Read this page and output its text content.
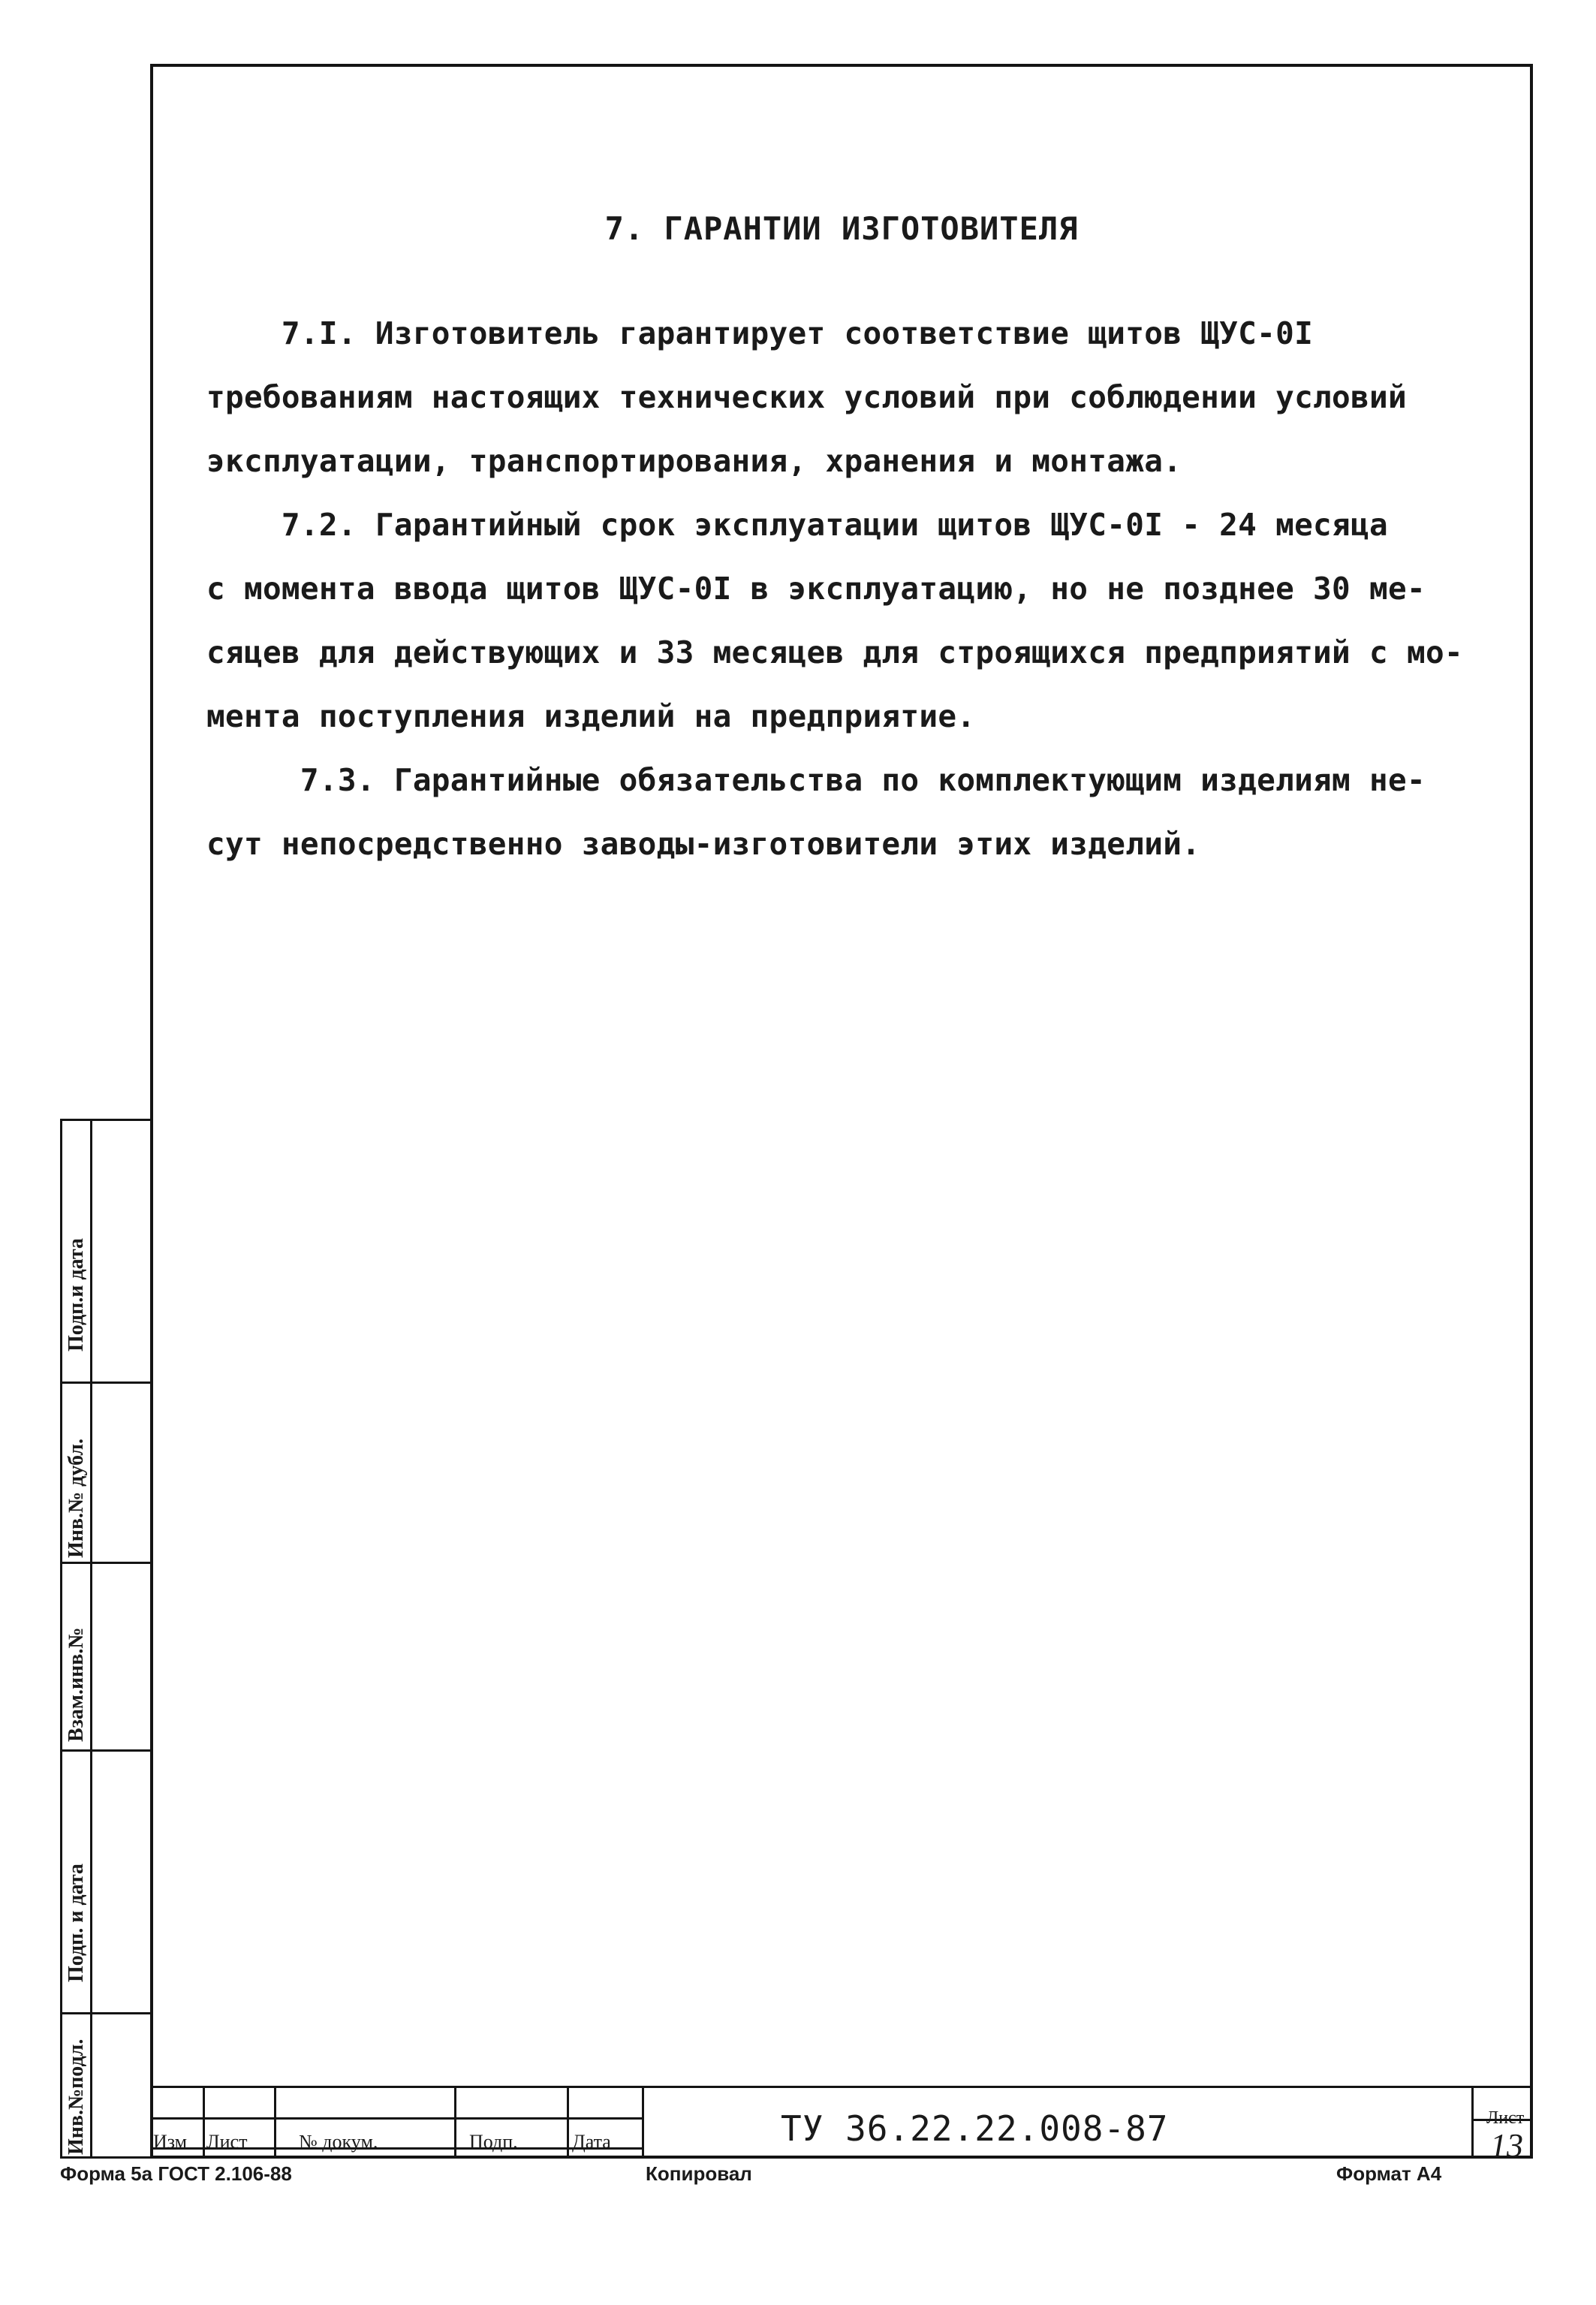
7. ГАРАНТИИ ИЗГОТОВИТЕЛЯ
7.I. Изготовитель гарантирует соответствие щитов ЩУС-0I
требованиям настоящих технических условий при соблюдении условий
эксплуатации, транспортирования, хранения и монтажа.
7.2. Гарантийный срок эксплуатации щитов ЩУС-0I - 24 месяца
с момента ввода щитов ЩУС-0I в эксплуатацию, но не позднее 30 ме-
сяцев для действующих и 33 месяцев для строящихся предприятий с мо-
мента поступления изделий на предприятие.
7.3. Гарантийные обязательства по комплектующим изделиям не-
сут непосредственно заводы-изготовители этих изделий.
Подп.и дата
Инв.№ дубл.
Взам.инв.№
Подп. и дата
Инв.№подл.	Изм Лист	№ докум.	Подп.	Дата	ТУ 36.22.22.008-87	Лист
13
Форма 5а ГОСТ 2.106-88	Копировал	Формат А4
